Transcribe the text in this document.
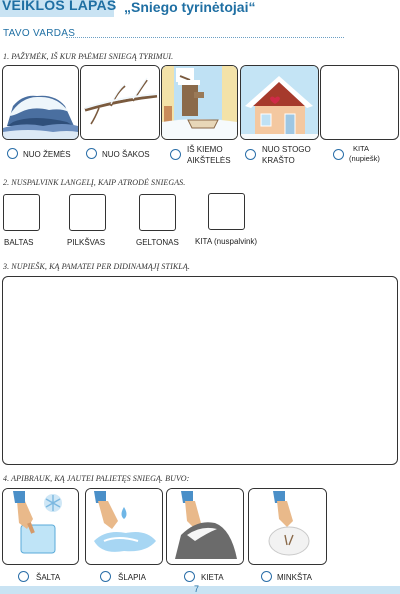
VEIKLOS LAPAS „Sniego tyrinėtojai“
TAVO VARDAS
1. PAŽYMĖK, IŠ KUR PAĖMEI SNIEGĄ TYRIMUI.
NUO ŽEMĖS	NUO ŠAKOS
IŠ KIEMO
AIKŠTELĖS
NUO STOGO
KRAŠTO
KITA
(nupiešk)
2. NUSPALVINK LANGELĮ, KAIP ATRODĖ SNIEGAS.
BALTAS	PILKŠVAS	GELTONAS KITA (nuspalvink)
3. NUPIEŠK, KĄ PAMATEI PER DIDINAMĄJĮ STIKLĄ.
4. APIBRAUK, KĄ JAUTEI PALIETĘS SNIEGĄ. BUVO:
ŠALTA	ŠLAPIA	KIETA	MINKŠTA
7
